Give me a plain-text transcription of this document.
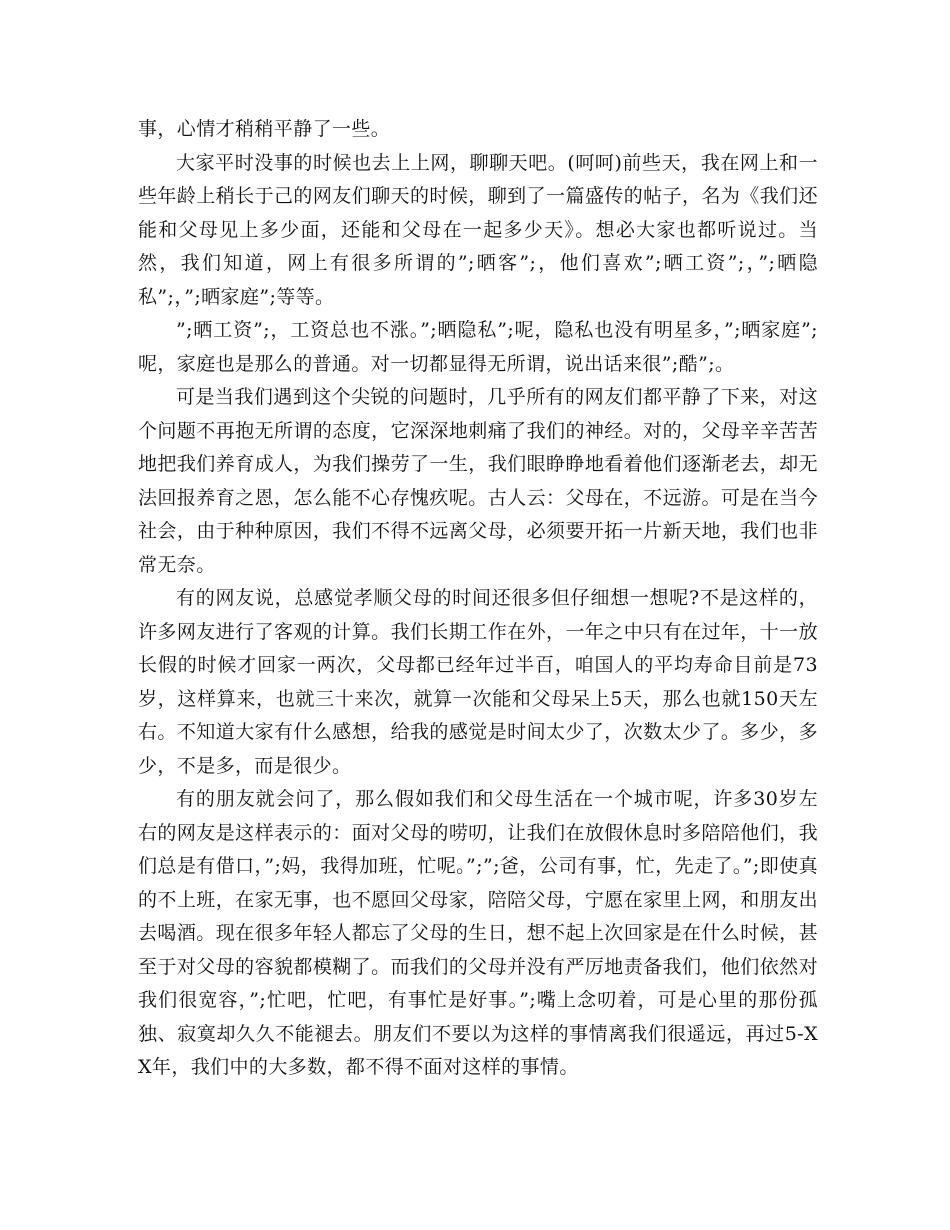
事，心情才稍稍平静了一些。

大家平时没事的时候也去上上网，聊聊天吧。(呵呵)前些天，我在网上和一些年龄上稍长于己的网友们聊天的时候，聊到了一篇盛传的帖子，名为《我们还能和父母见上多少面，还能和父母在一起多少天》。想必大家也都听说过。当然，我们知道，网上有很多所谓的”;晒客”;，他们喜欢”;晒工资”;，”;晒隐私”;，”;晒家庭”;等等。

”;晒工资”;，工资总也不涨。”;晒隐私”;呢，隐私也没有明星多，”;晒家庭”;呢，家庭也是那么的普通。对一切都显得无所谓，说出话来很”;酷”;。

可是当我们遇到这个尖锐的问题时，几乎所有的网友们都平静了下来，对这个问题不再抱无所谓的态度，它深深地刺痛了我们的神经。对的，父母辛辛苦苦地把我们养育成人，为我们操劳了一生，我们眼睁睁地看着他们逐渐老去，却无法回报养育之恩，怎么能不心存愧疚呢。古人云：父母在，不远游。可是在当今社会，由于种种原因，我们不得不远离父母，必须要开拓一片新天地，我们也非常无奈。

有的网友说，总感觉孝顺父母的时间还很多但仔细想一想呢?不是这样的，许多网友进行了客观的计算。我们长期工作在外，一年之中只有在过年，十一放长假的时候才回家一两次，父母都已经年过半百，咱国人的平均寿命目前是73岁，这样算来，也就三十来次，就算一次能和父母呆上5天，那么也就150天左右。不知道大家有什么感想，给我的感觉是时间太少了，次数太少了。多少，多少，不是多，而是很少。

有的朋友就会问了，那么假如我们和父母生活在一个城市呢，许多30岁左右的网友是这样表示的：面对父母的唠叨，让我们在放假休息时多陪陪他们，我们总是有借口，”;妈，我得加班，忙呢。”;”;爸，公司有事，忙，先走了。”;即使真的不上班，在家无事，也不愿回父母家，陪陪父母，宁愿在家里上网，和朋友出去喝酒。现在很多年轻人都忘了父母的生日，想不起上次回家是在什么时候，甚至于对父母的容貌都模糊了。而我们的父母并没有严厉地责备我们，他们依然对我们很宽容，”;忙吧，忙吧，有事忙是好事。”;嘴上念叨着，可是心里的那份孤独、寂寞却久久不能褪去。朋友们不要以为这样的事情离我们很遥远，再过5-XX年，我们中的大多数，都不得不面对这样的事情。
